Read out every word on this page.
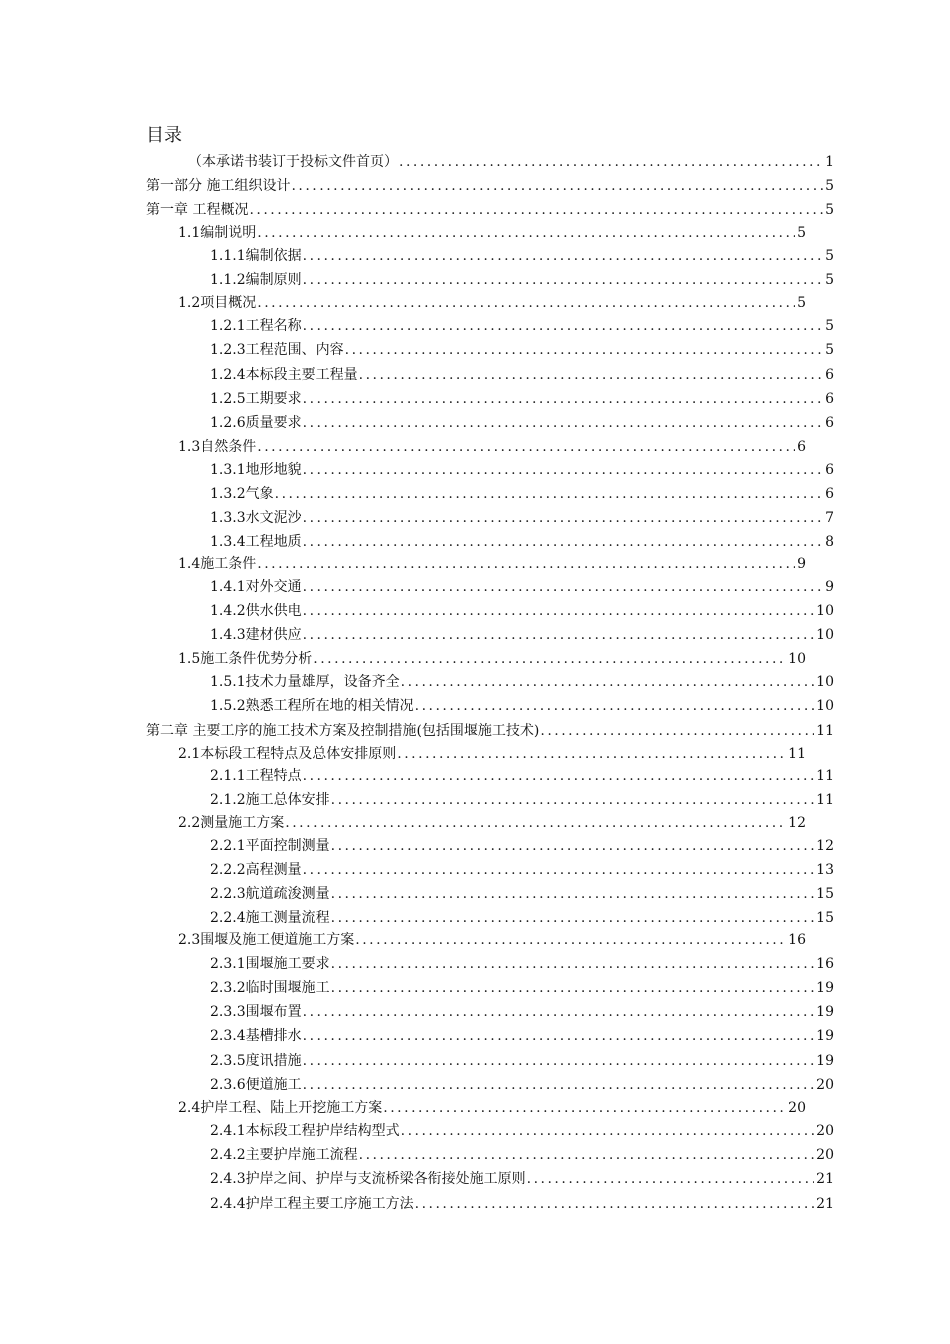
目录
（本承诺书装订于投标文件首页） .....	1
第一部分 施工组织设计 .....	5
第一章 工程概况 .....	5
1.1编制说明 .....	5
1.1.1编制依据 .....	5
1.1.2编制原则 .....	5
1.2项目概况 .....	5
1.2.1工程名称 .....	5
1.2.3工程范围、内容 .....	5
1.2.4本标段主要工程量 .....	6
1.2.5工期要求 .....	6
1.2.6质量要求 .....	6
1.3自然条件 .....	6
1.3.1地形地貌 .....	6
1.3.2气象 .....	6
1.3.3水文泥沙 .....	7
1.3.4工程地质 .....	8
1.4施工条件 .....	9
1.4.1对外交通 .....	9
1.4.2供水供电 .....	10
1.4.3建材供应 .....	10
1.5施工条件优势分析 .....	10
1.5.1技术力量雄厚，设备齐全 .....	10
1.5.2熟悉工程所在地的相关情况 .....	10
第二章 主要工序的施工技术方案及控制措施(包括围堰施工技术) .....	11
2.1本标段工程特点及总体安排原则 .....	11
2.1.1工程特点 .....	11
2.1.2施工总体安排 .....	11
2.2测量施工方案 .....	12
2.2.1平面控制测量 .....	12
2.2.2高程测量 .....	13
2.2.3航道疏浚测量 .....	15
2.2.4施工测量流程 .....	15
2.3围堰及施工便道施工方案 .....	16
2.3.1围堰施工要求 .....	16
2.3.2临时围堰施工 .....	19
2.3.3围堰布置 .....	19
2.3.4基槽排水 .....	19
2.3.5度讯措施 .....	19
2.3.6便道施工 .....	20
2.4护岸工程、陆上开挖施工方案 .....	20
2.4.1本标段工程护岸结构型式 .....	20
2.4.2主要护岸施工流程 .....	20
2.4.3护岸之间、护岸与支流桥梁各衔接处施工原则 .....	21
2.4.4护岸工程主要工序施工方法 .....	21
